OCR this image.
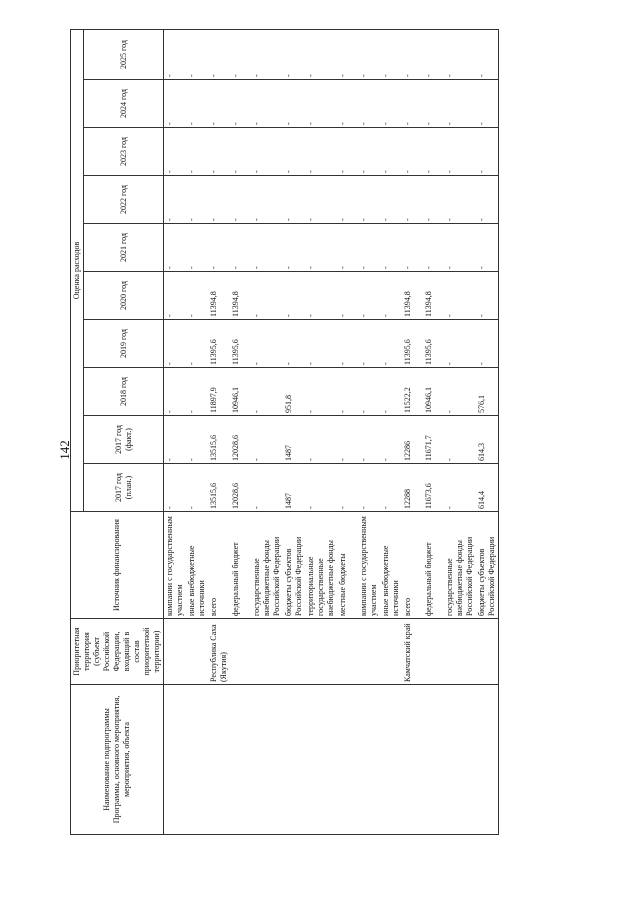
142
Наименование подпрограммы Программы, основного мероприятия, мероприятия, объекта	Приоритетная территория (субъект Российской Федерации, входящий в состав приоритетной территории)	Источник финансирования	Оценка расходов									
			2017 год (план.)	2017 год (факт.)	2018 год	2019 год	2020 год	2021 год	2022 год	2023 год	2024 год	2025 год
		компании с государственным участием	-	-	-	-	-	-	-	-	-	-
		иные внебюджетные источники	-	-	-	-	-	-	-	-	-	-
	Республика Саха (Якутия)	всего	13515,6	13515,6	11897,9	11395,6	11394,8	-	-	-	-	-
		федеральный бюджет	12028,6	12028,6	10946,1	11395,6	11394,8	-	-	-	-	-
		государственные внебюджетные фонды Российской Федерации	-	-	-	-	-	-	-	-	-	-
		бюджеты субъектов Российской Федерации	1487	1487	951,8	-	-	-	-	-	-	-
		территориальные государственные внебюджетные фонды	-	-	-	-	-	-	-	-	-	-
		местные бюджеты	-	-	-	-	-	-	-	-	-	-
		компании с государственным участием	-	-	-	-	-	-	-	-	-	-
		иные внебюджетные источники	-	-	-	-	-	-	-	-	-	-
	Камчатский край	всего	12288	12286	11522,2	11395,6	11394,8	-	-	-	-	-
		федеральный бюджет	11673,6	11671,7	10946,1	11395,6	11394,8	-	-	-	-	-
		государственные внебюджетные фонды Российской Федерации	-	-	-	-	-	-	-	-	-	-
		бюджеты субъектов Российской Федерации	614,4	614,3	576,1	-	-	-	-	-	-	-
